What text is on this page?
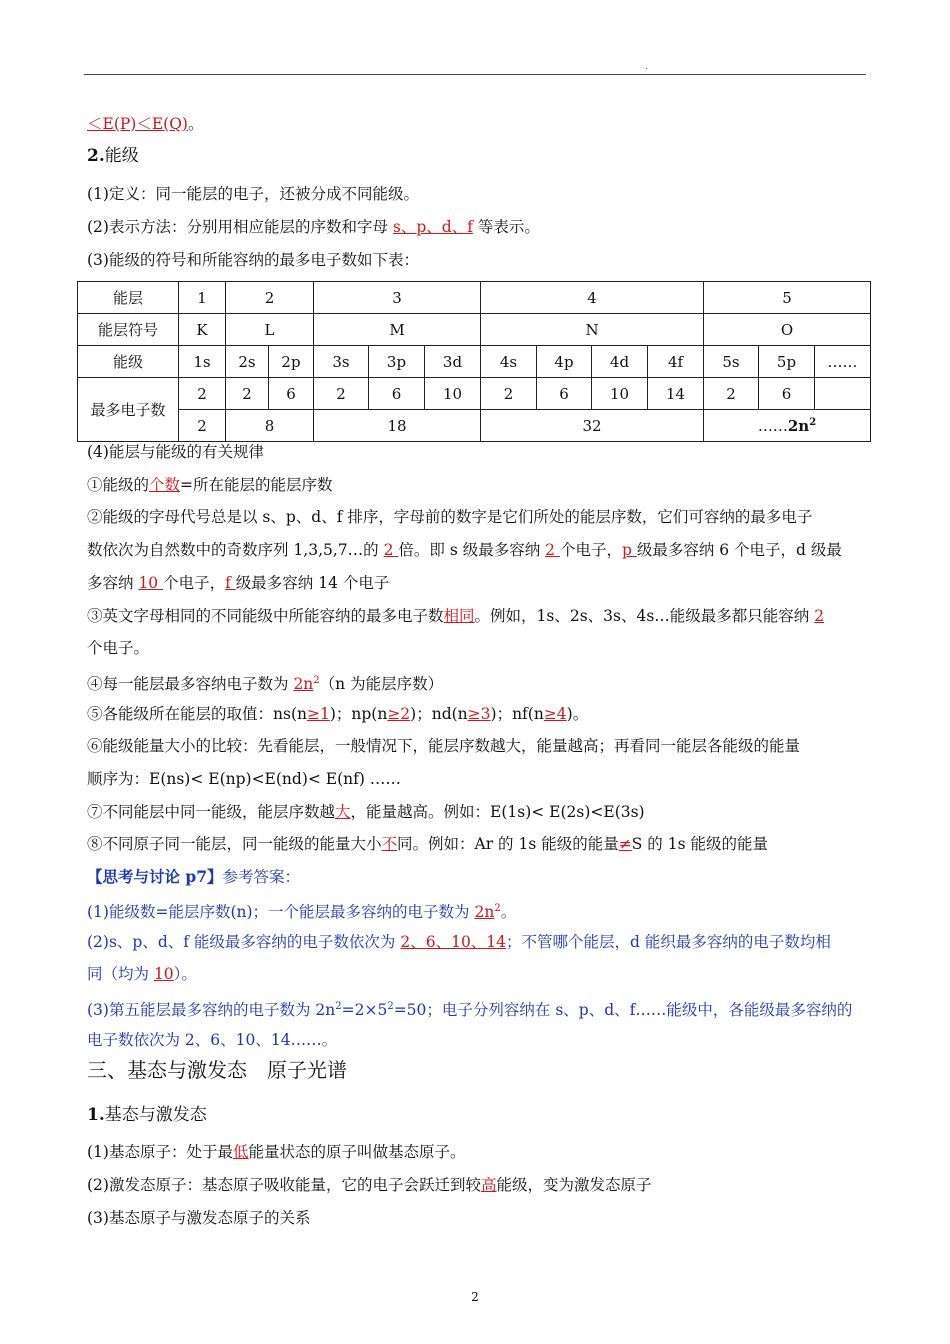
.
＜E(P)＜E(Q)。
2.能级
(1)定义：同一能层的电子，还被分成不同能级。
(2)表示方法：分别用相应能层的序数和字母 s、p、d、f 等表示。
(3)能级的符号和所能容纳的最多电子数如下表：
能层	1	2		3			4				5		
能层符号	K	L		M			N				O		
能级	1s	2s	2p	3s	3p	3d	4s	4p	4d	4f	5s	5p	……
最多电子数	2	2	6	2	6	10	2	6	10	14	2	6	
	2	8		18			32				$\dots\dots 2n^2$
(4)能层与能级的有关规律
①能级的个数=所在能层的能层序数
②能级的字母代号总是以 s、p、d、f 排序，字母前的数字是它们所处的能层序数，它们可容纳的最多电子
数依次为自然数中的奇数序列 1,3,5,7…的 2 倍。即 s 级最多容纳 2 个电子，p 级最多容纳 6 个电子，d 级最
多容纳 10 个电子，f 级最多容纳 14 个电子
③英文字母相同的不同能级中所能容纳的最多电子数相同。例如，1s、2s、3s、4s…能级最多都只能容纳 2
个电子。
④每一能层最多容纳电子数为 $2n^2(n$ 为能层序数）
⑤各能级所在能层的取值：ns(n≥1)；np(n≥2)；nd(n≥3)；nf(n≥4)。
⑥能级能量大小的比较：先看能层，一般情况下，能层序数越大，能量越高；再看同一能层各能级的能量
顺序为：E(ns)< E(np)<E(nd)< E(nf) ……
⑦不同能层中同一能级，能层序数越大，能量越高。例如：E(1s)< E(2s)<E(3s)
⑧不同原子同一能层，同一能级的能量大小不同。例如：Ar 的 1s 能级的能量≠S 的 1s 能级的能量
【思考与讨论 p7】参考答案：
(1)能级数=能层序数(n)；一个能层最多容纳的电子数为 $2n^2$。
(2)s、p、d、f 能级最多容纳的电子数依次为 2、6、10、14；不管哪个能层，d 能织最多容纳的电子数均相
同（均为 10）。
(3)第五能层最多容纳的电子数为 $2n^2=2\times 5^2=50$；电子分列容纳在 s、p、d、f……能级中，各能级最多容纳的
电子数依次为 2、6、10、14……。
三、基态与激发态　原子光谱
1.基态与激发态
(1)基态原子：处于最低能量状态的原子叫做基态原子。
(2)激发态原子：基态原子吸收能量，它的电子会跃迁到较高能级，变为激发态原子
(3)基态原子与激发态原子的关系
2
